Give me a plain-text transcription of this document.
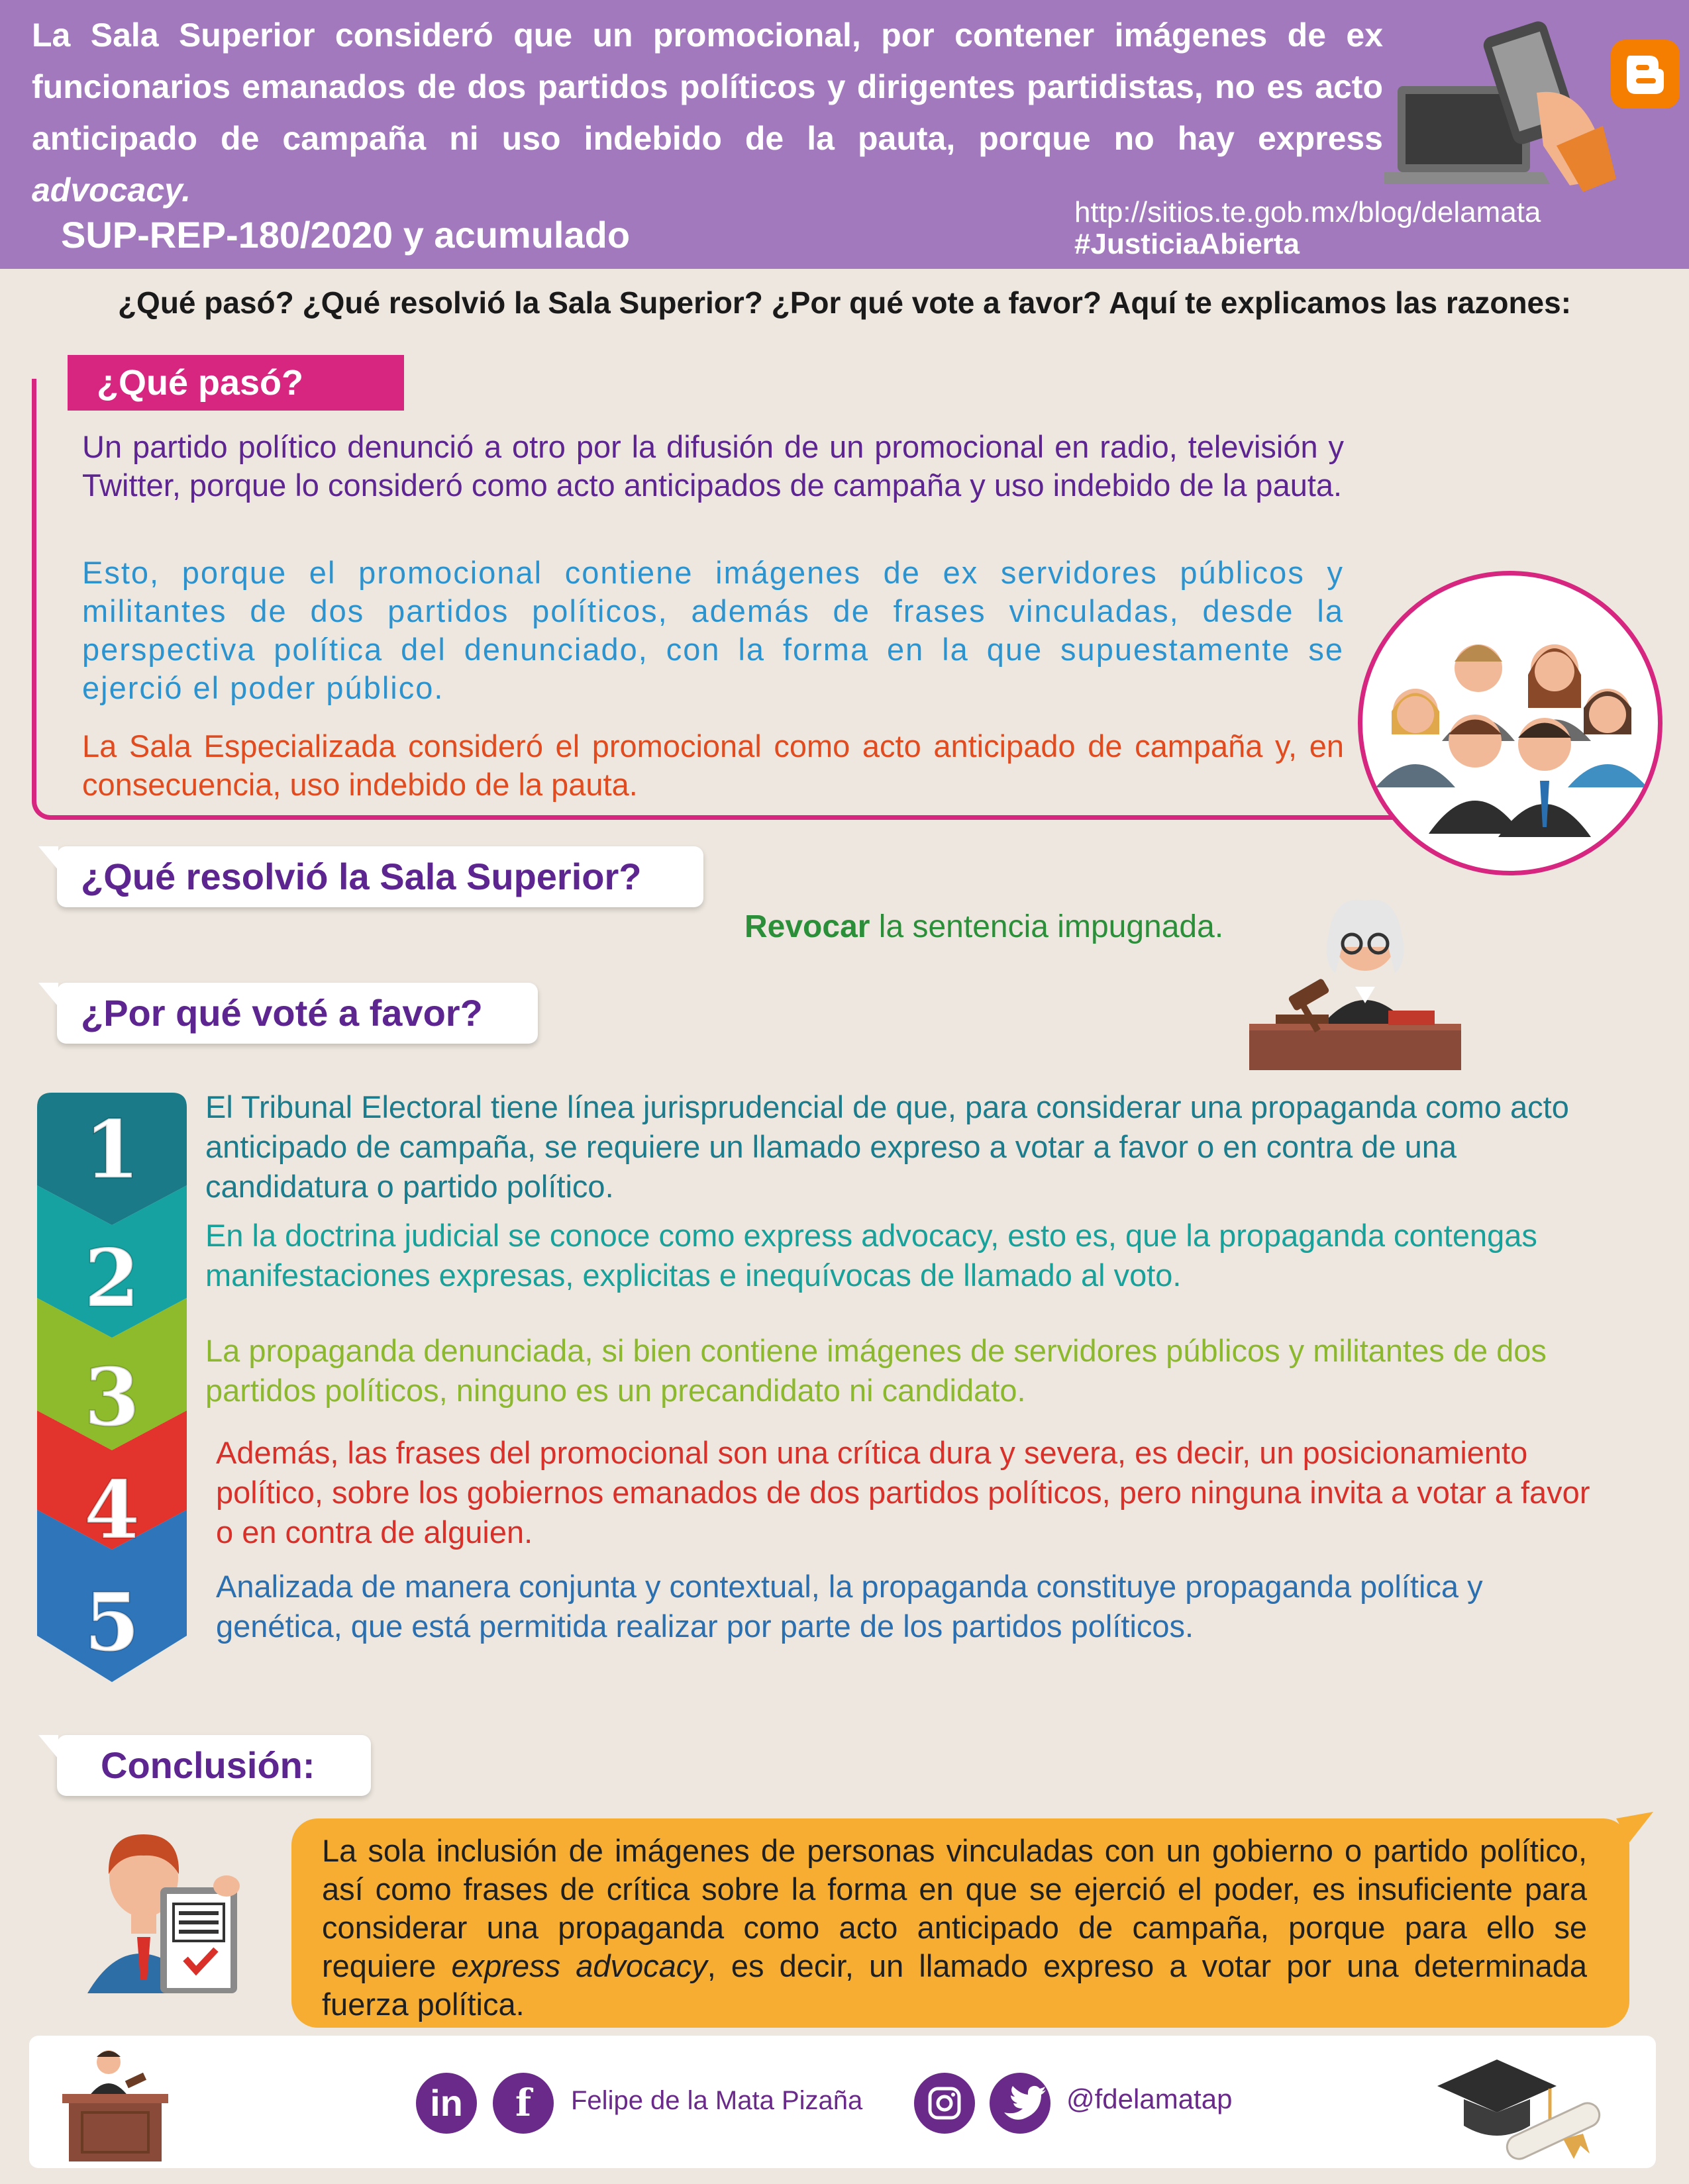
La Sala Superior consideró que un promocional, por contener imágenes de ex funcionarios emanados de dos partidos políticos y dirigentes partidistas, no es acto anticipado de campaña ni uso indebido de la pauta, porque no hay express advocacy.
SUP-REP-180/2020 y acumulado
http://sitios.te.gob.mx/blog/delamata
#JusticiaAbierta
¿Qué pasó? ¿Qué resolvió la Sala Superior? ¿Por qué vote a favor? Aquí te explicamos las razones:
¿Qué pasó?
Un partido político denunció a otro por la difusión de un promocional en radio, televisión y Twitter, porque lo consideró como acto anticipados de campaña y uso indebido de la pauta.
Esto, porque el promocional contiene imágenes de ex servidores públicos y militantes de dos partidos políticos, además de frases vinculadas, desde la perspectiva política del denunciado, con la forma en la que supuestamente se ejerció el poder público.
La Sala Especializada consideró el promocional como acto anticipado de campaña y, en consecuencia, uso indebido de la pauta.
¿Qué resolvió la Sala Superior?
Revocar la sentencia impugnada.
¿Por qué voté a favor?
1
2
3
4
5
El Tribunal Electoral tiene línea jurisprudencial de que, para considerar una propaganda como acto anticipado de campaña, se requiere un llamado expreso a votar a favor o en contra de una candidatura o partido político.
En la doctrina judicial se conoce como express advocacy, esto es, que la propaganda contengas manifestaciones expresas, explicitas e inequívocas de llamado al voto.
La propaganda denunciada, si bien contiene imágenes de servidores públicos y militantes de dos partidos políticos, ninguno es un precandidato ni candidato.
Además, las frases del promocional son una crítica dura y severa, es decir, un posicionamiento político, sobre los gobiernos emanados de dos partidos políticos, pero ninguna invita a votar a favor o en contra de alguien.
Analizada de manera conjunta y contextual, la propaganda constituye propaganda política y genética, que está permitida realizar por parte de los partidos políticos.
Conclusión:
La sola inclusión de imágenes de personas vinculadas con un gobierno o partido político, así como frases de crítica sobre la forma en que se ejerció el poder, es insuficiente para considerar una propaganda como acto anticipado de campaña, porque para ello se requiere express advocacy, es decir, un llamado expreso a votar por una determinada fuerza política.
in	f	Felipe de la Mata Pizaña	@fdelamatap
